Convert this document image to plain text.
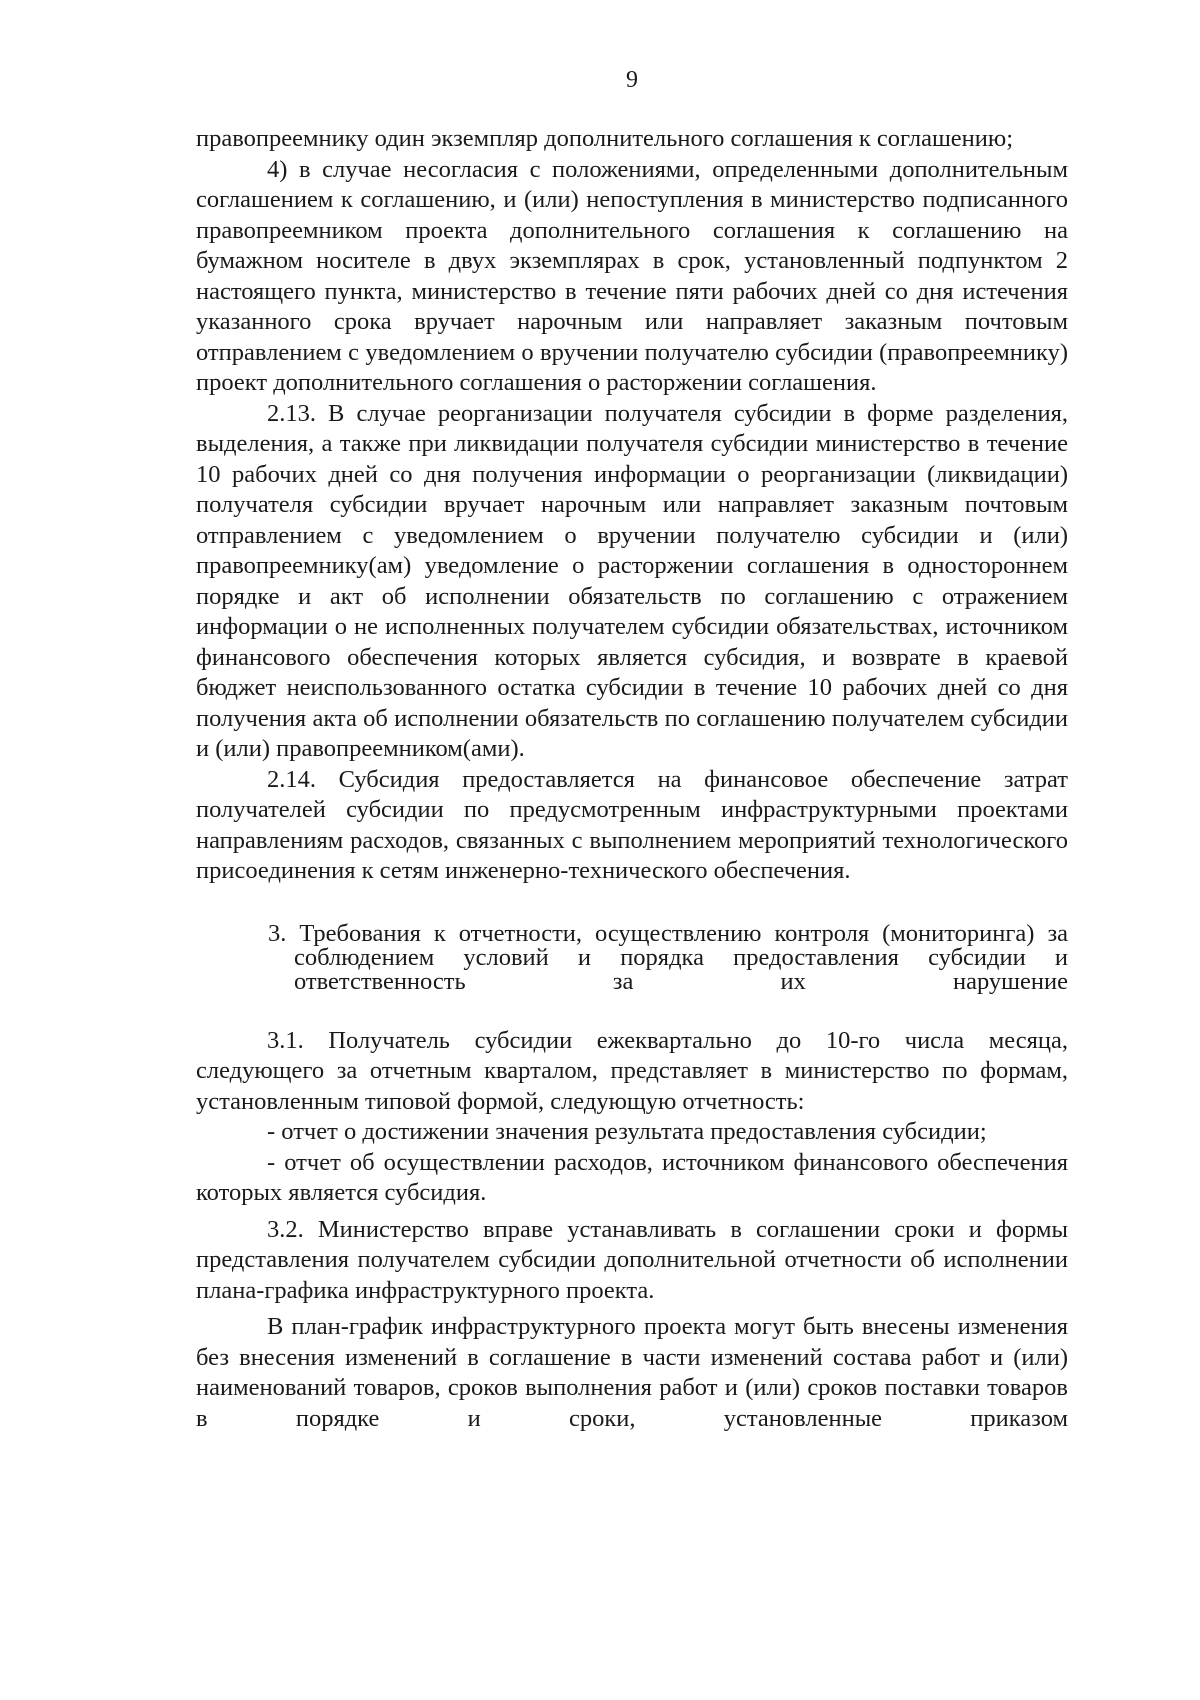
9

правопреемнику один экземпляр дополнительного соглашения к соглашению;

4) в случае несогласия с положениями, определенными дополнительным соглашением к соглашению, и (или) непоступления в министерство подписанного правопреемником проекта дополнительного соглашения к соглашению на бумажном носителе в двух экземплярах в срок, установленный подпунктом 2 настоящего пункта, министерство в течение пяти рабочих дней со дня истечения указанного срока вручает нарочным или направляет заказным почтовым отправлением с уведомлением о вручении получателю субсидии (правопреемнику) проект дополнительного соглашения о расторжении соглашения.

2.13. В случае реорганизации получателя субсидии в форме разделения, выделения, а также при ликвидации получателя субсидии министерство в течение 10 рабочих дней со дня получения информации о реорганизации (ликвидации) получателя субсидии вручает нарочным или направляет заказным почтовым отправлением с уведомлением о вручении получателю субсидии и (или) правопреемнику(ам) уведомление о расторжении соглашения в одностороннем порядке и акт об исполнении обязательств по соглашению с отражением информации о не исполненных получателем субсидии обязательствах, источником финансового обеспечения которых является субсидия, и возврате в краевой бюджет неиспользованного остатка субсидии в течение 10 рабочих дней со дня получения акта об исполнении обязательств по соглашению получателем субсидии и (или) правопреемником(ами).

2.14. Субсидия предоставляется на финансовое обеспечение затрат получателей субсидии по предусмотренным инфраструктурными проектами направлениям расходов, связанных с выполнением мероприятий технологического присоединения к сетям инженерно-технического обеспечения.

3. Требования к отчетности, осуществлению контроля (мониторинга) за соблюдением условий и порядка предоставления субсидии и ответственность за их нарушение

3.1. Получатель субсидии ежеквартально до 10-го числа месяца, следующего за отчетным кварталом, представляет в министерство по формам, установленным типовой формой, следующую отчетность:

- отчет о достижении значения результата предоставления субсидии;

- отчет об осуществлении расходов, источником финансового обеспечения которых является субсидия.

3.2. Министерство вправе устанавливать в соглашении сроки и формы представления получателем субсидии дополнительной отчетности об исполнении плана-графика инфраструктурного проекта.

В план-график инфраструктурного проекта могут быть внесены изменения без внесения изменений в соглашение в части изменений состава работ и (или) наименований товаров, сроков выполнения работ и (или) сроков поставки товаров в порядке и сроки, установленные приказом
